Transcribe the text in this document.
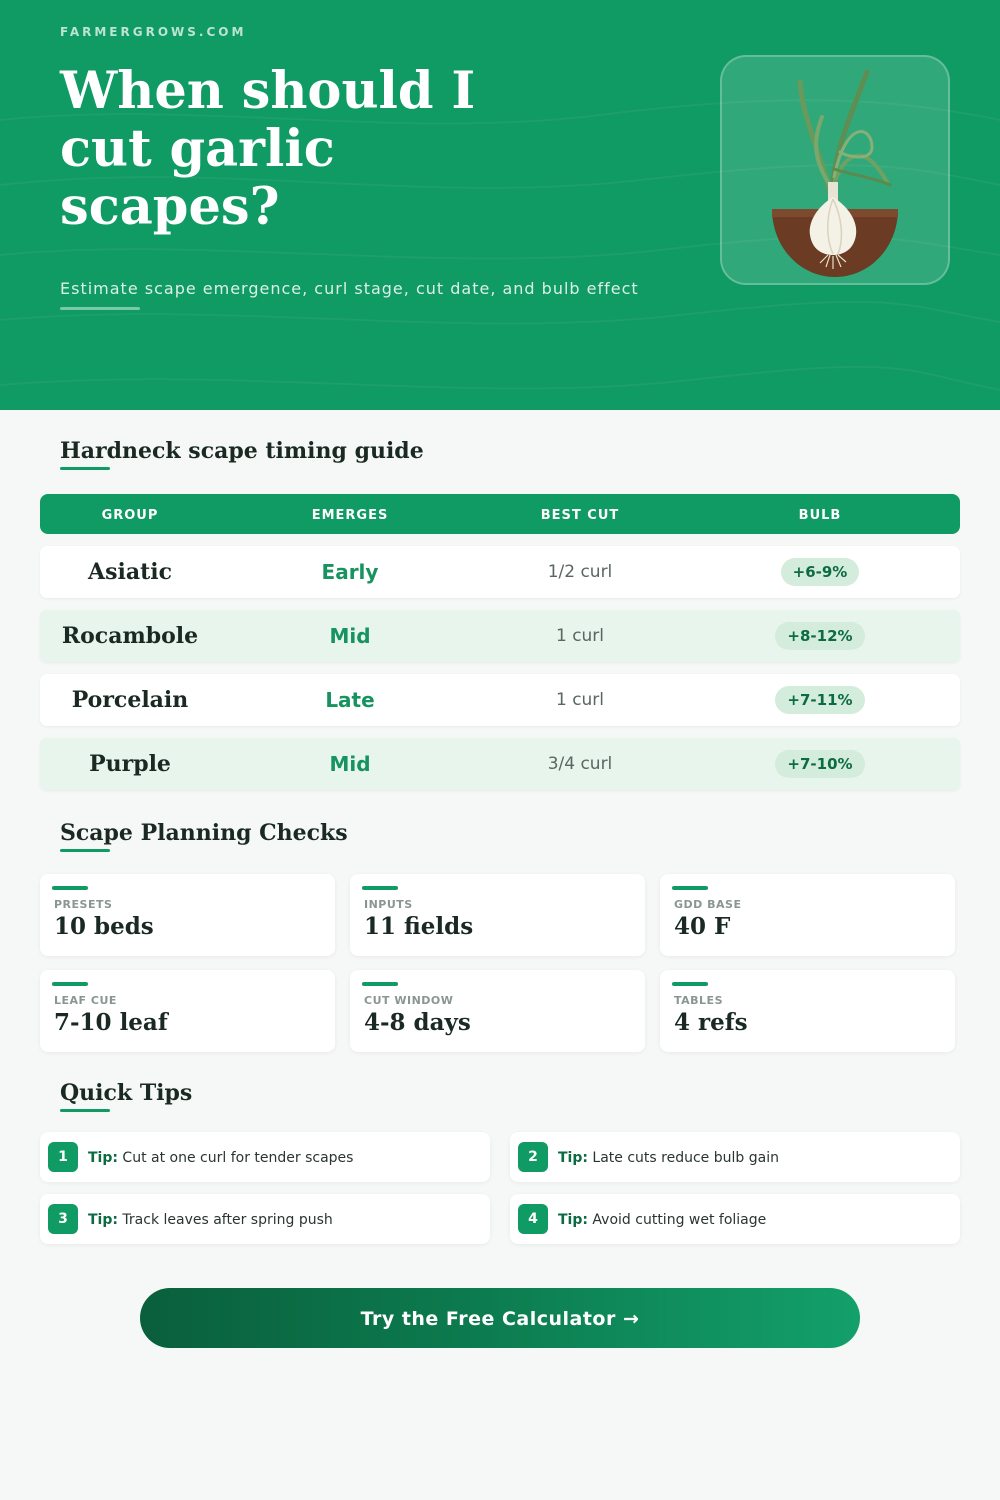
FARMERGROWS.COM
When should I cut garlic scapes?
Estimate scape emergence, curl stage, cut date, and bulb effect
Hardneck scape timing guide
GROUP	EMERGES	BEST CUT	BULB
Asiatic	Early	1/2 curl	+6-9%
Rocambole	Mid	1 curl	+8-12%
Porcelain	Late	1 curl	+7-11%
Purple	Mid	3/4 curl	+7-10%
Scape Planning Checks
PRESETS
10 beds
INPUTS
11 fields
GDD BASE
40 F
LEAF CUE
7-10 leaf
CUT WINDOW
4-8 days
TABLES
4 refs
Quick Tips
1	Tip: Cut at one curl for tender scapes	2	Tip: Late cuts reduce bulb gain
3	Tip: Track leaves after spring push	4	Tip: Avoid cutting wet foliage
Try the Free Calculator →
